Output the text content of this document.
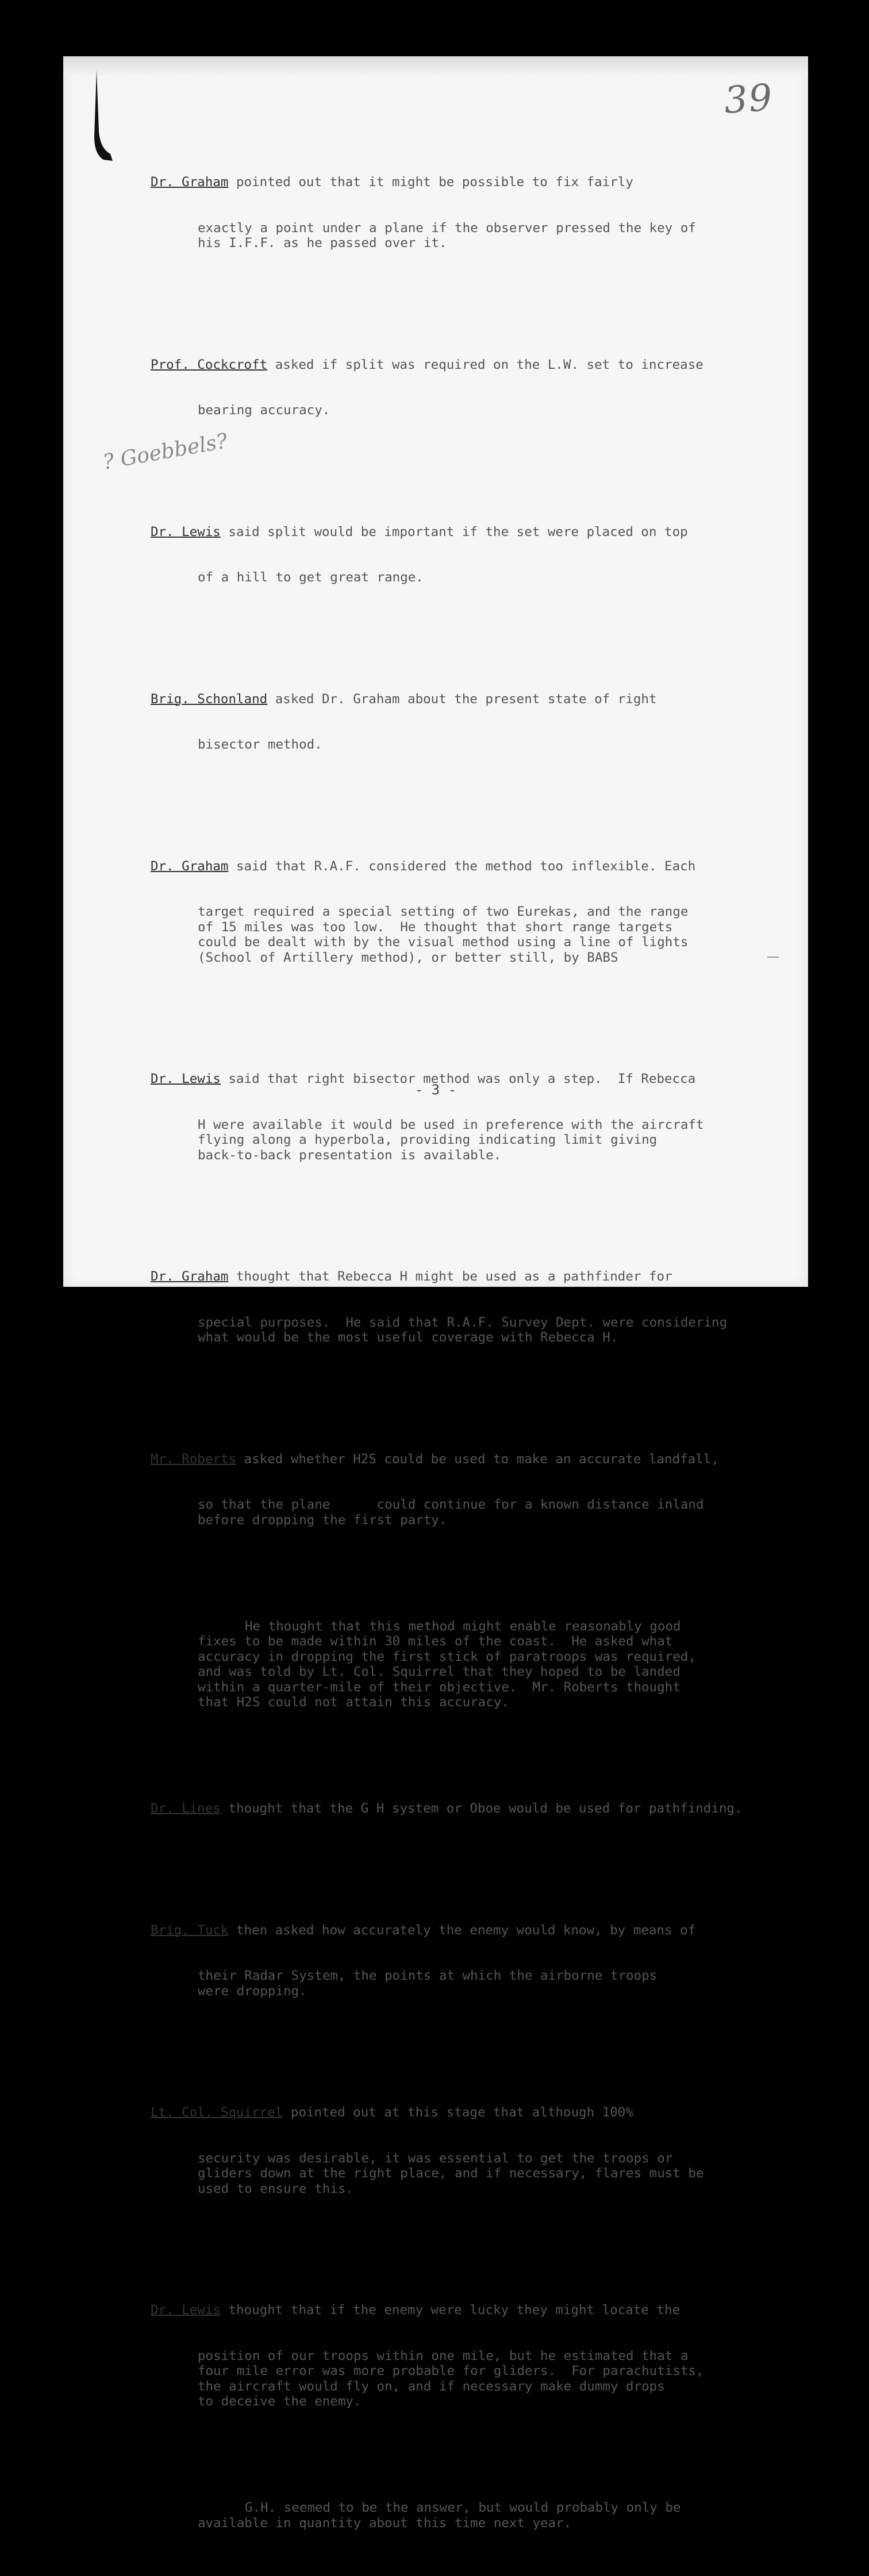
39
? Goebbels?

Dr. Graham pointed out that it might be possible to fix fairly

exactly a point under a plane if the observer pressed the key of
his I.F.F. as he passed over it.

Prof. Cockcroft asked if split was required on the L.W. set to increase

bearing accuracy.

Dr. Lewis said split would be important if the set were placed on top

of a hill to get great range.

Brig. Schonland asked Dr. Graham about the present state of right

bisector method.

Dr. Graham said that R.A.F. considered the method too inflexible. Each

target required a special setting of two Eurekas, and the range
of 15 miles was too low.  He thought that short range targets
could be dealt with by the visual method using a line of lights
(School of Artillery method), or better still, by BABS

Dr. Lewis said that right bisector method was only a step.  If Rebecca

H were available it would be used in preference with the aircraft
flying along a hyperbola, providing indicating limit giving
back-to-back presentation is available.

Dr. Graham thought that Rebecca H might be used as a pathfinder for

special purposes.  He said that R.A.F. Survey Dept. were considering
what would be the most useful coverage with Rebecca H.

Mr. Roberts asked whether H2S could be used to make an accurate landfall,

so that the plane      could continue for a known distance inland
before dropping the first party.

He thought that this method might enable reasonably good
fixes to be made within 30 miles of the coast.  He asked what
accuracy in dropping the first stick of paratroops was required,
and was told by Lt. Col. Squirrel that they hoped to be landed
within a quarter-mile of their objective.  Mr. Roberts thought
that H2S could not attain this accuracy.

Dr. Lines thought that the G H system or Oboe would be used for pathfinding.

Brig. Tuck then asked how accurately the enemy would know, by means of

their Radar System, the points at which the airborne troops
were dropping.

Lt. Col. Squirrel pointed out at this stage that although 100%

security was desirable, it was essential to get the troops or
gliders down at the right place, and if necessary, flares must be
used to ensure this.

Dr. Lewis thought that if the enemy were lucky they might locate the

position of our troops within one mile, but he estimated that a
four mile error was more probable for gliders.  For parachutists,
the aircraft would fly on, and if necessary make dummy drops
to deceive the enemy.

G.H. seemed to be the answer, but would probably only be
available in quantity about this time next year.

- 3 -
